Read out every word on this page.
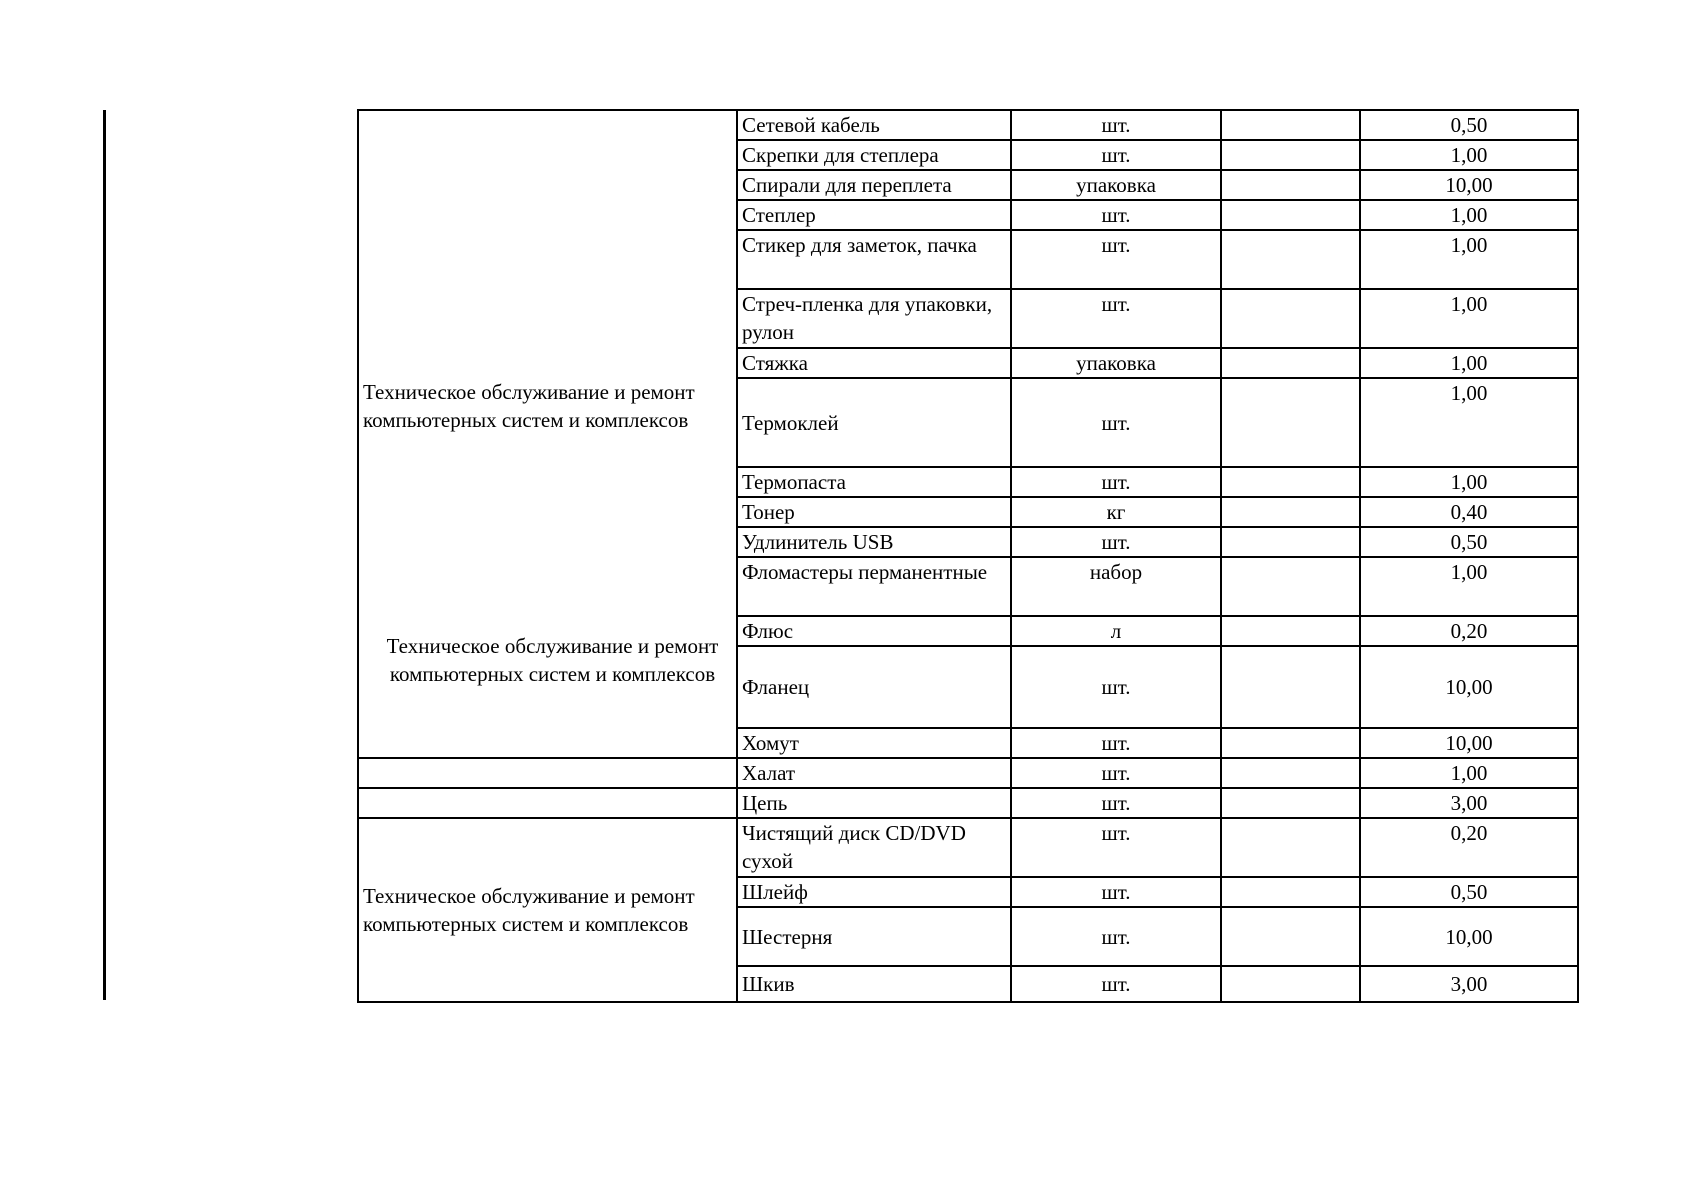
Техническое обслуживание и ремонт компьютерных систем и комплексов
Техническое обслуживание и ремонт компьютерных систем и комплексов	Сетевой кабель	шт.		0,50
	Скрепки для степлера	шт.		1,00
	Спирали для переплета	упаковка		10,00
	Степлер	шт.		1,00
	Стикер для заметок, пачка	шт.		1,00
	Стреч-пленка для упаковки, рулон	шт.		1,00
	Стяжка	упаковка		1,00
	Термоклей	шт.		1,00
	Термопаста	шт.		1,00
	Тонер	кг		0,40
	Удлинитель USB	шт.		0,50
	Фломастеры перманентные	набор		1,00
	Флюс	л		0,20
	Фланец	шт.		10,00
	Хомут	шт.		10,00
	Халат	шт.		1,00
	Цепь	шт.		3,00

Техническое обслуживание и ремонт компьютерных систем и комплексов	Чистящий диск CD/DVD сухой	шт.		0,20
	Шлейф	шт.		0,50
	Шестерня	шт.		10,00
	Шкив	шт.		3,00
